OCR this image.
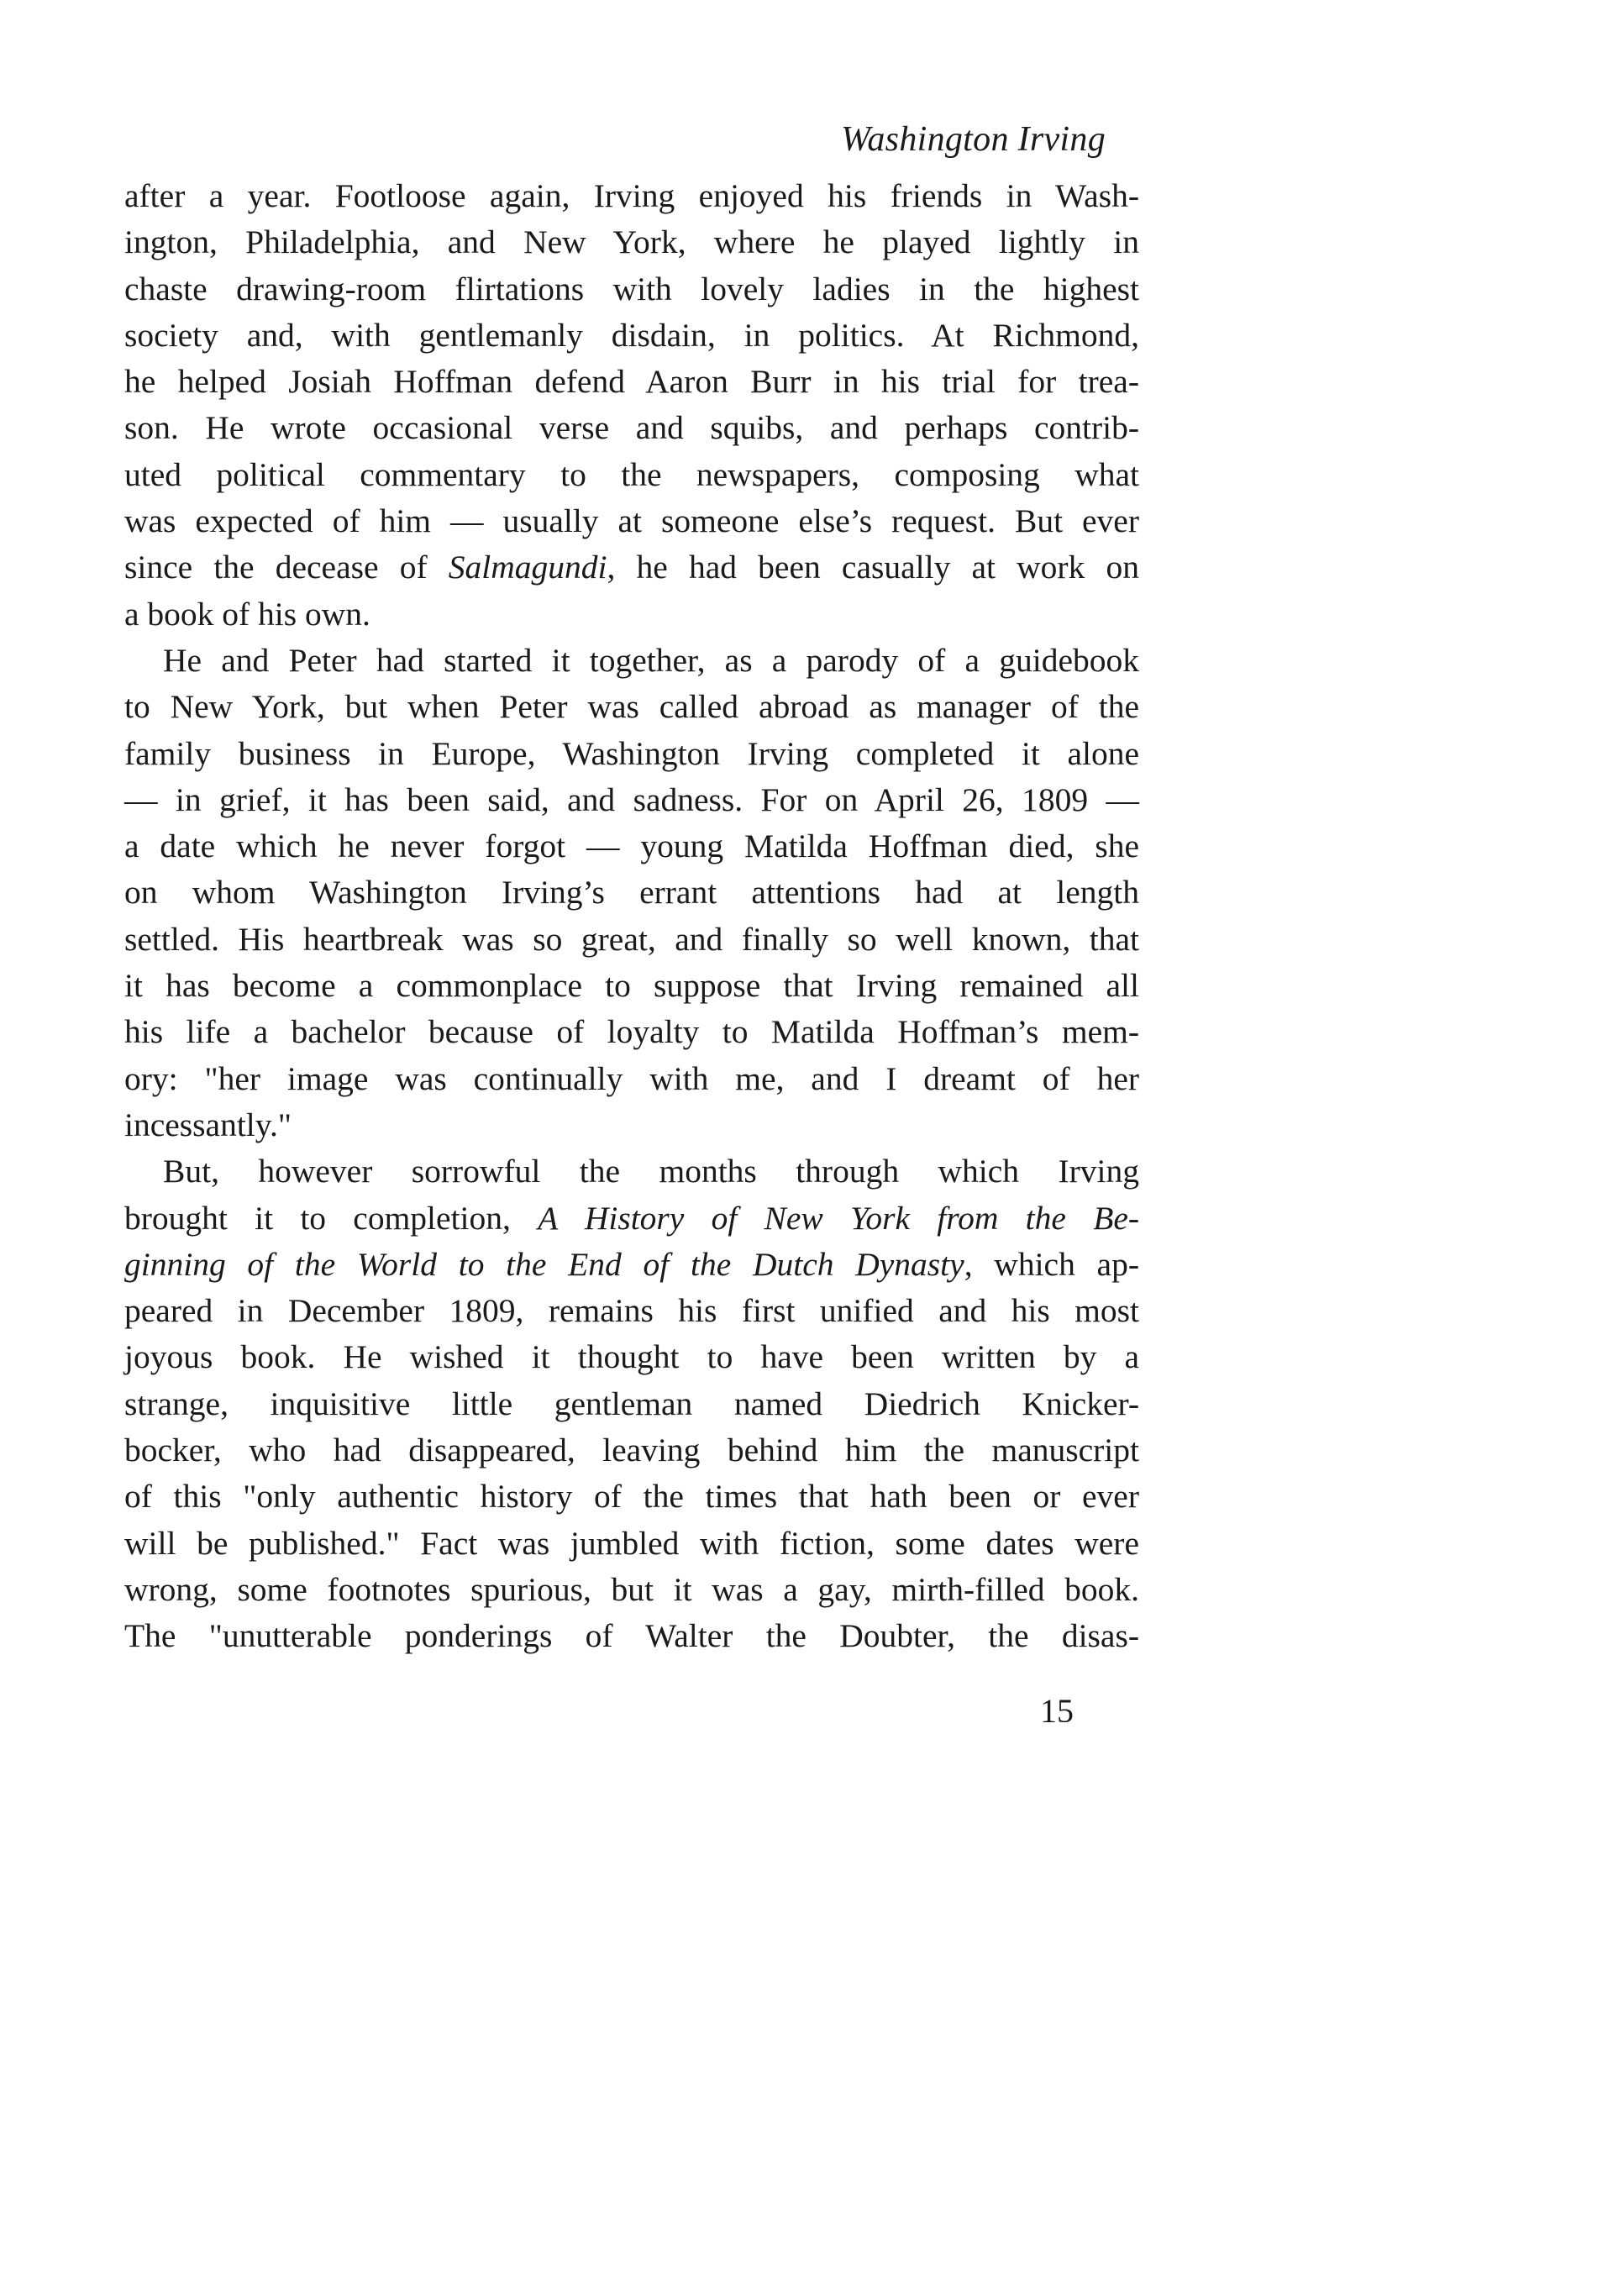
Washington Irving
after a year. Footloose again, Irving enjoyed his friends in Wash-
ington, Philadelphia, and New York, where he played lightly in
chaste drawing-room flirtations with lovely ladies in the highest
society and, with gentlemanly disdain, in politics. At Richmond,
he helped Josiah Hoffman defend Aaron Burr in his trial for trea-
son. He wrote occasional verse and squibs, and perhaps contrib-
uted political commentary to the newspapers, composing what
was expected of him — usually at someone else’s request. But ever
since the decease of Salmagundi, he had been casually at work on
a book of his own.
He and Peter had started it together, as a parody of a guidebook
to New York, but when Peter was called abroad as manager of the
family business in Europe, Washington Irving completed it alone
— in grief, it has been said, and sadness. For on April 26, 1809 —
a date which he never forgot — young Matilda Hoffman died, she
on whom Washington Irving’s errant attentions had at length
settled. His heartbreak was so great, and finally so well known, that
it has become a commonplace to suppose that Irving remained all
his life a bachelor because of loyalty to Matilda Hoffman’s mem-
ory: "her image was continually with me, and I dreamt of her
incessantly."
But, however sorrowful the months through which Irving
brought it to completion, A History of New York from the Be-
ginning of the World to the End of the Dutch Dynasty, which ap-
peared in December 1809, remains his first unified and his most
joyous book. He wished it thought to have been written by a
strange, inquisitive little gentleman named Diedrich Knicker-
bocker, who had disappeared, leaving behind him the manuscript
of this "only authentic history of the times that hath been or ever
will be published." Fact was jumbled with fiction, some dates were
wrong, some footnotes spurious, but it was a gay, mirth-filled book.
The "unutterable ponderings of Walter the Doubter, the disas-
15
